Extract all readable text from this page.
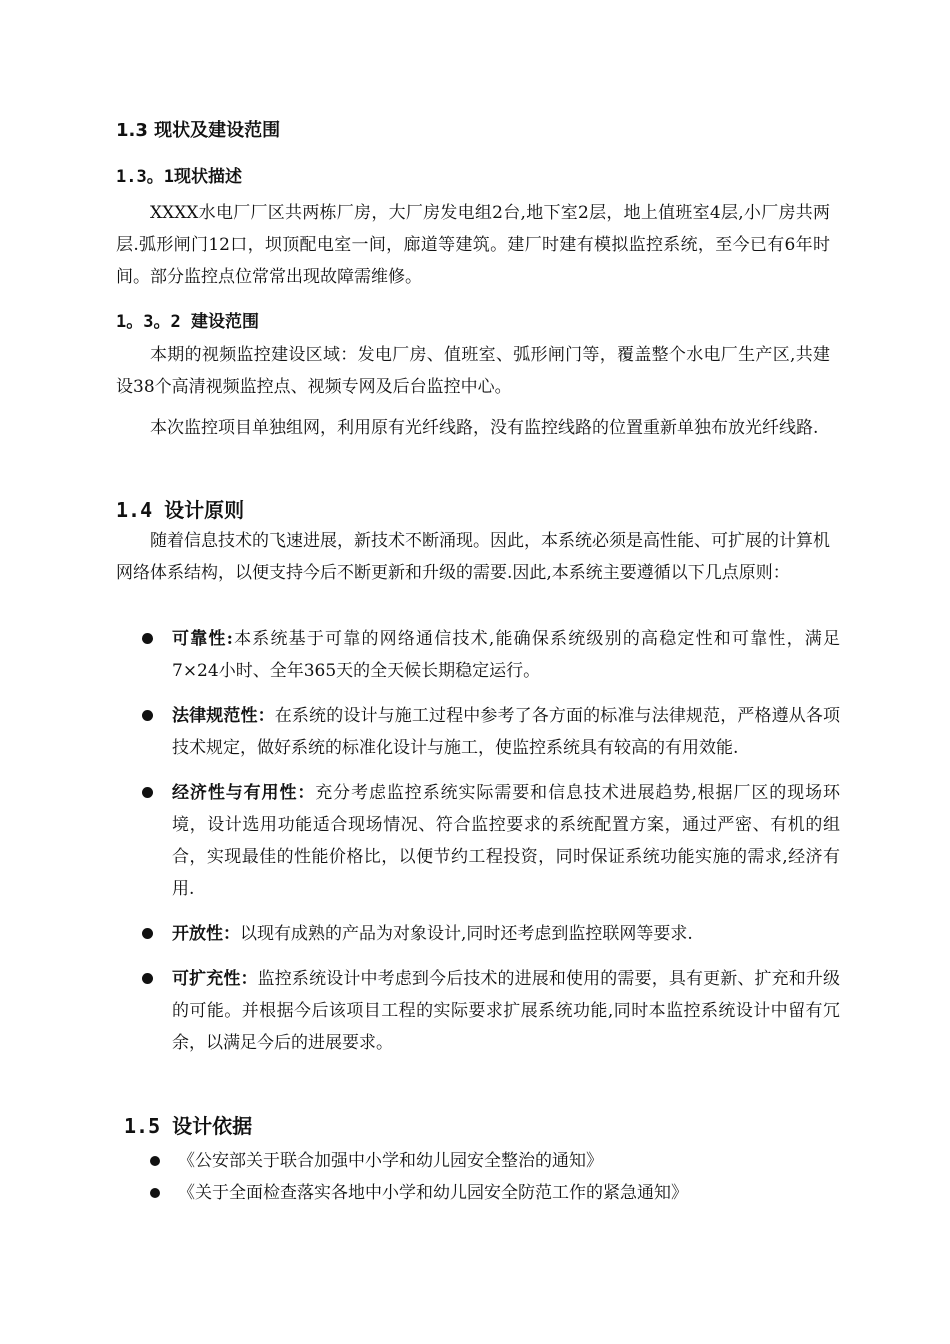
1.3 现状及建设范围
1.3。1现状描述
XXXX水电厂厂区共两栋厂房，大厂房发电组2台,地下室2层，地上值班室4层,小厂房共两层.弧形闸门12口，坝顶配电室一间，廊道等建筑。建厂时建有模拟监控系统，至今已有6年时间。部分监控点位常常出现故障需维修。
1。3。2 建设范围
本期的视频监控建设区域：发电厂房、值班室、弧形闸门等，覆盖整个水电厂生产区,共建设38个高清视频监控点、视频专网及后台监控中心。
本次监控项目单独组网，利用原有光纤线路，没有监控线路的位置重新单独布放光纤线路.
1.4 设计原则
随着信息技术的飞速进展，新技术不断涌现。因此，本系统必须是高性能、可扩展的计算机网络体系结构，以便支持今后不断更新和升级的需要.因此,本系统主要遵循以下几点原则：
可靠性:本系统基于可靠的网络通信技术,能确保系统级别的高稳定性和可靠性，满足7×24小时、全年365天的全天候长期稳定运行。
法律规范性：在系统的设计与施工过程中参考了各方面的标准与法律规范，严格遵从各项技术规定，做好系统的标准化设计与施工，使监控系统具有较高的有用效能.
经济性与有用性：充分考虑监控系统实际需要和信息技术进展趋势,根据厂区的现场环境，设计选用功能适合现场情况、符合监控要求的系统配置方案，通过严密、有机的组合，实现最佳的性能价格比，以便节约工程投资，同时保证系统功能实施的需求,经济有用.
开放性：以现有成熟的产品为对象设计,同时还考虑到监控联网等要求.
可扩充性：监控系统设计中考虑到今后技术的进展和使用的需要，具有更新、扩充和升级的可能。并根据今后该项目工程的实际要求扩展系统功能,同时本监控系统设计中留有冗余，以满足今后的进展要求。
1.5 设计依据
《公安部关于联合加强中小学和幼儿园安全整治的通知》
《关于全面检查落实各地中小学和幼儿园安全防范工作的紧急通知》
